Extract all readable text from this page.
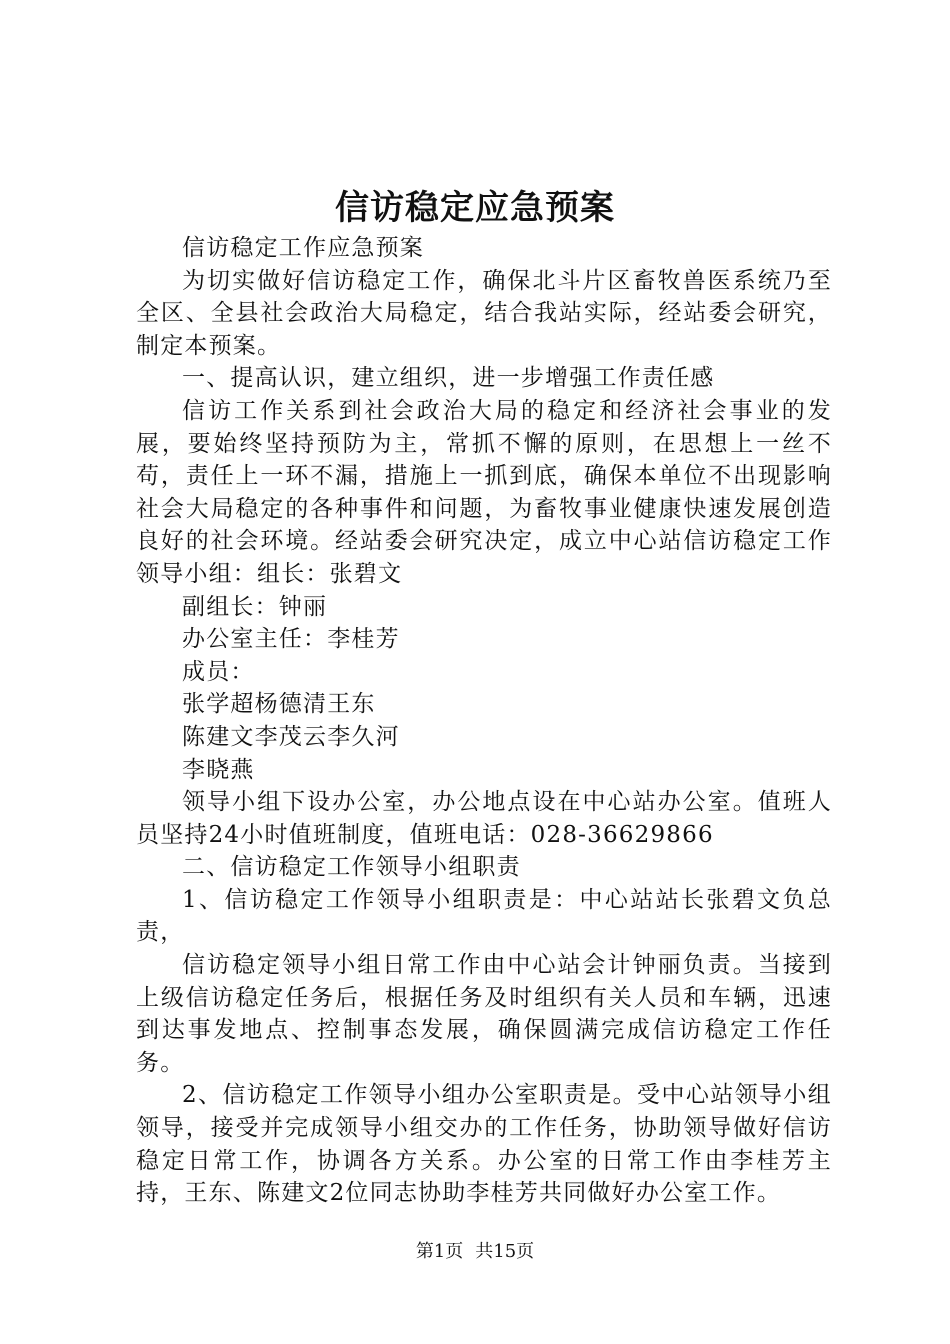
信访稳定应急预案

信访稳定工作应急预案

为切实做好信访稳定工作，确保北斗片区畜牧兽医系统乃至全区、全县社会政治大局稳定，结合我站实际，经站委会研究，制定本预案。

一、提高认识，建立组织，进一步增强工作责任感

信访工作关系到社会政治大局的稳定和经济社会事业的发展，要始终坚持预防为主，常抓不懈的原则，在思想上一丝不苟，责任上一环不漏，措施上一抓到底，确保本单位不出现影响社会大局稳定的各种事件和问题，为畜牧事业健康快速发展创造良好的社会环境。经站委会研究决定，成立中心站信访稳定工作领导小组：组长：张碧文

副组长：钟丽

办公室主任：李桂芳

成员：

张学超杨德清王东

陈建文李茂云李久河

李晓燕

领导小组下设办公室，办公地点设在中心站办公室。值班人员坚持24小时值班制度，值班电话：028-36629866

二、信访稳定工作领导小组职责

1、信访稳定工作领导小组职责是：中心站站长张碧文负总责，

信访稳定领导小组日常工作由中心站会计钟丽负责。当接到上级信访稳定任务后，根据任务及时组织有关人员和车辆，迅速到达事发地点、控制事态发展，确保圆满完成信访稳定工作任务。

2、信访稳定工作领导小组办公室职责是。受中心站领导小组领导，接受并完成领导小组交办的工作任务，协助领导做好信访稳定日常工作，协调各方关系。办公室的日常工作由李桂芳主持，王东、陈建文2位同志协助李桂芳共同做好办公室工作。

第1页 共15页
